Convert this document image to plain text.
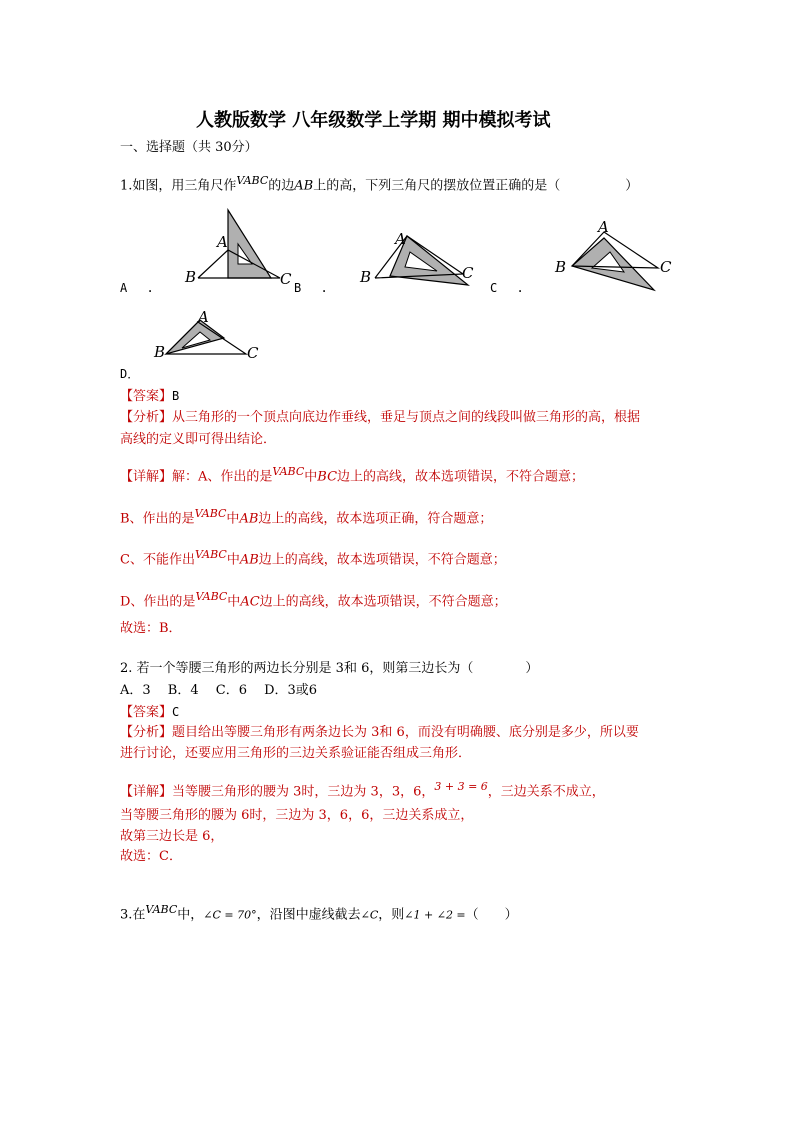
人教版数学 八年级数学上学期 期中模拟考试
一、选择题（共 30分）
1.如图，用三角尺作$^{VABC}$的边AB上的高，下列三角尺的摆放位置正确的是（　　　　　）
A　 .
A
B	C B　 .
A
B	C
C　 .
A
B	C
D．
A
B	C
【答案】B
【分析】从三角形的一个顶点向底边作垂线，垂足与顶点之间的线段叫做三角形的高，根据
高线的定义即可得出结论．
【详解】解：A、作出的是$^{VABC}$中BC边上的高线，故本选项错误，不符合题意；
B、作出的是$^{VABC}$中AB边上的高线，故本选项正确，符合题意；
C、不能作出$^{VABC}$中AB边上的高线，故本选项错误，不符合题意；
D、作出的是$^{VABC}$中AC边上的高线，故本选项错误，不符合题意；
故选：B．
2. 若一个等腰三角形的两边长分别是 3和 6，则第三边长为（　　　　）
A．3　 B．4　 C．6　 D．3或6
【答案】C
【分析】题目给出等腰三角形有两条边长为 3和 6，而没有明确腰、底分别是多少，所以要
进行讨论，还要应用三角形的三边关系验证能否组成三角形．
【详解】当等腰三角形的腰为 3时，三边为 3，3，6，$^{3 + 3 = 6}$，三边关系不成立，
当等腰三角形的腰为 6时，三边为 3，6，6，三边关系成立，
故第三边长是 6，
故选：C．
3.在$^{VABC}$中，∠C = 70°，沿图中虚线截去∠C，则∠1 + ∠2 =（　　）
